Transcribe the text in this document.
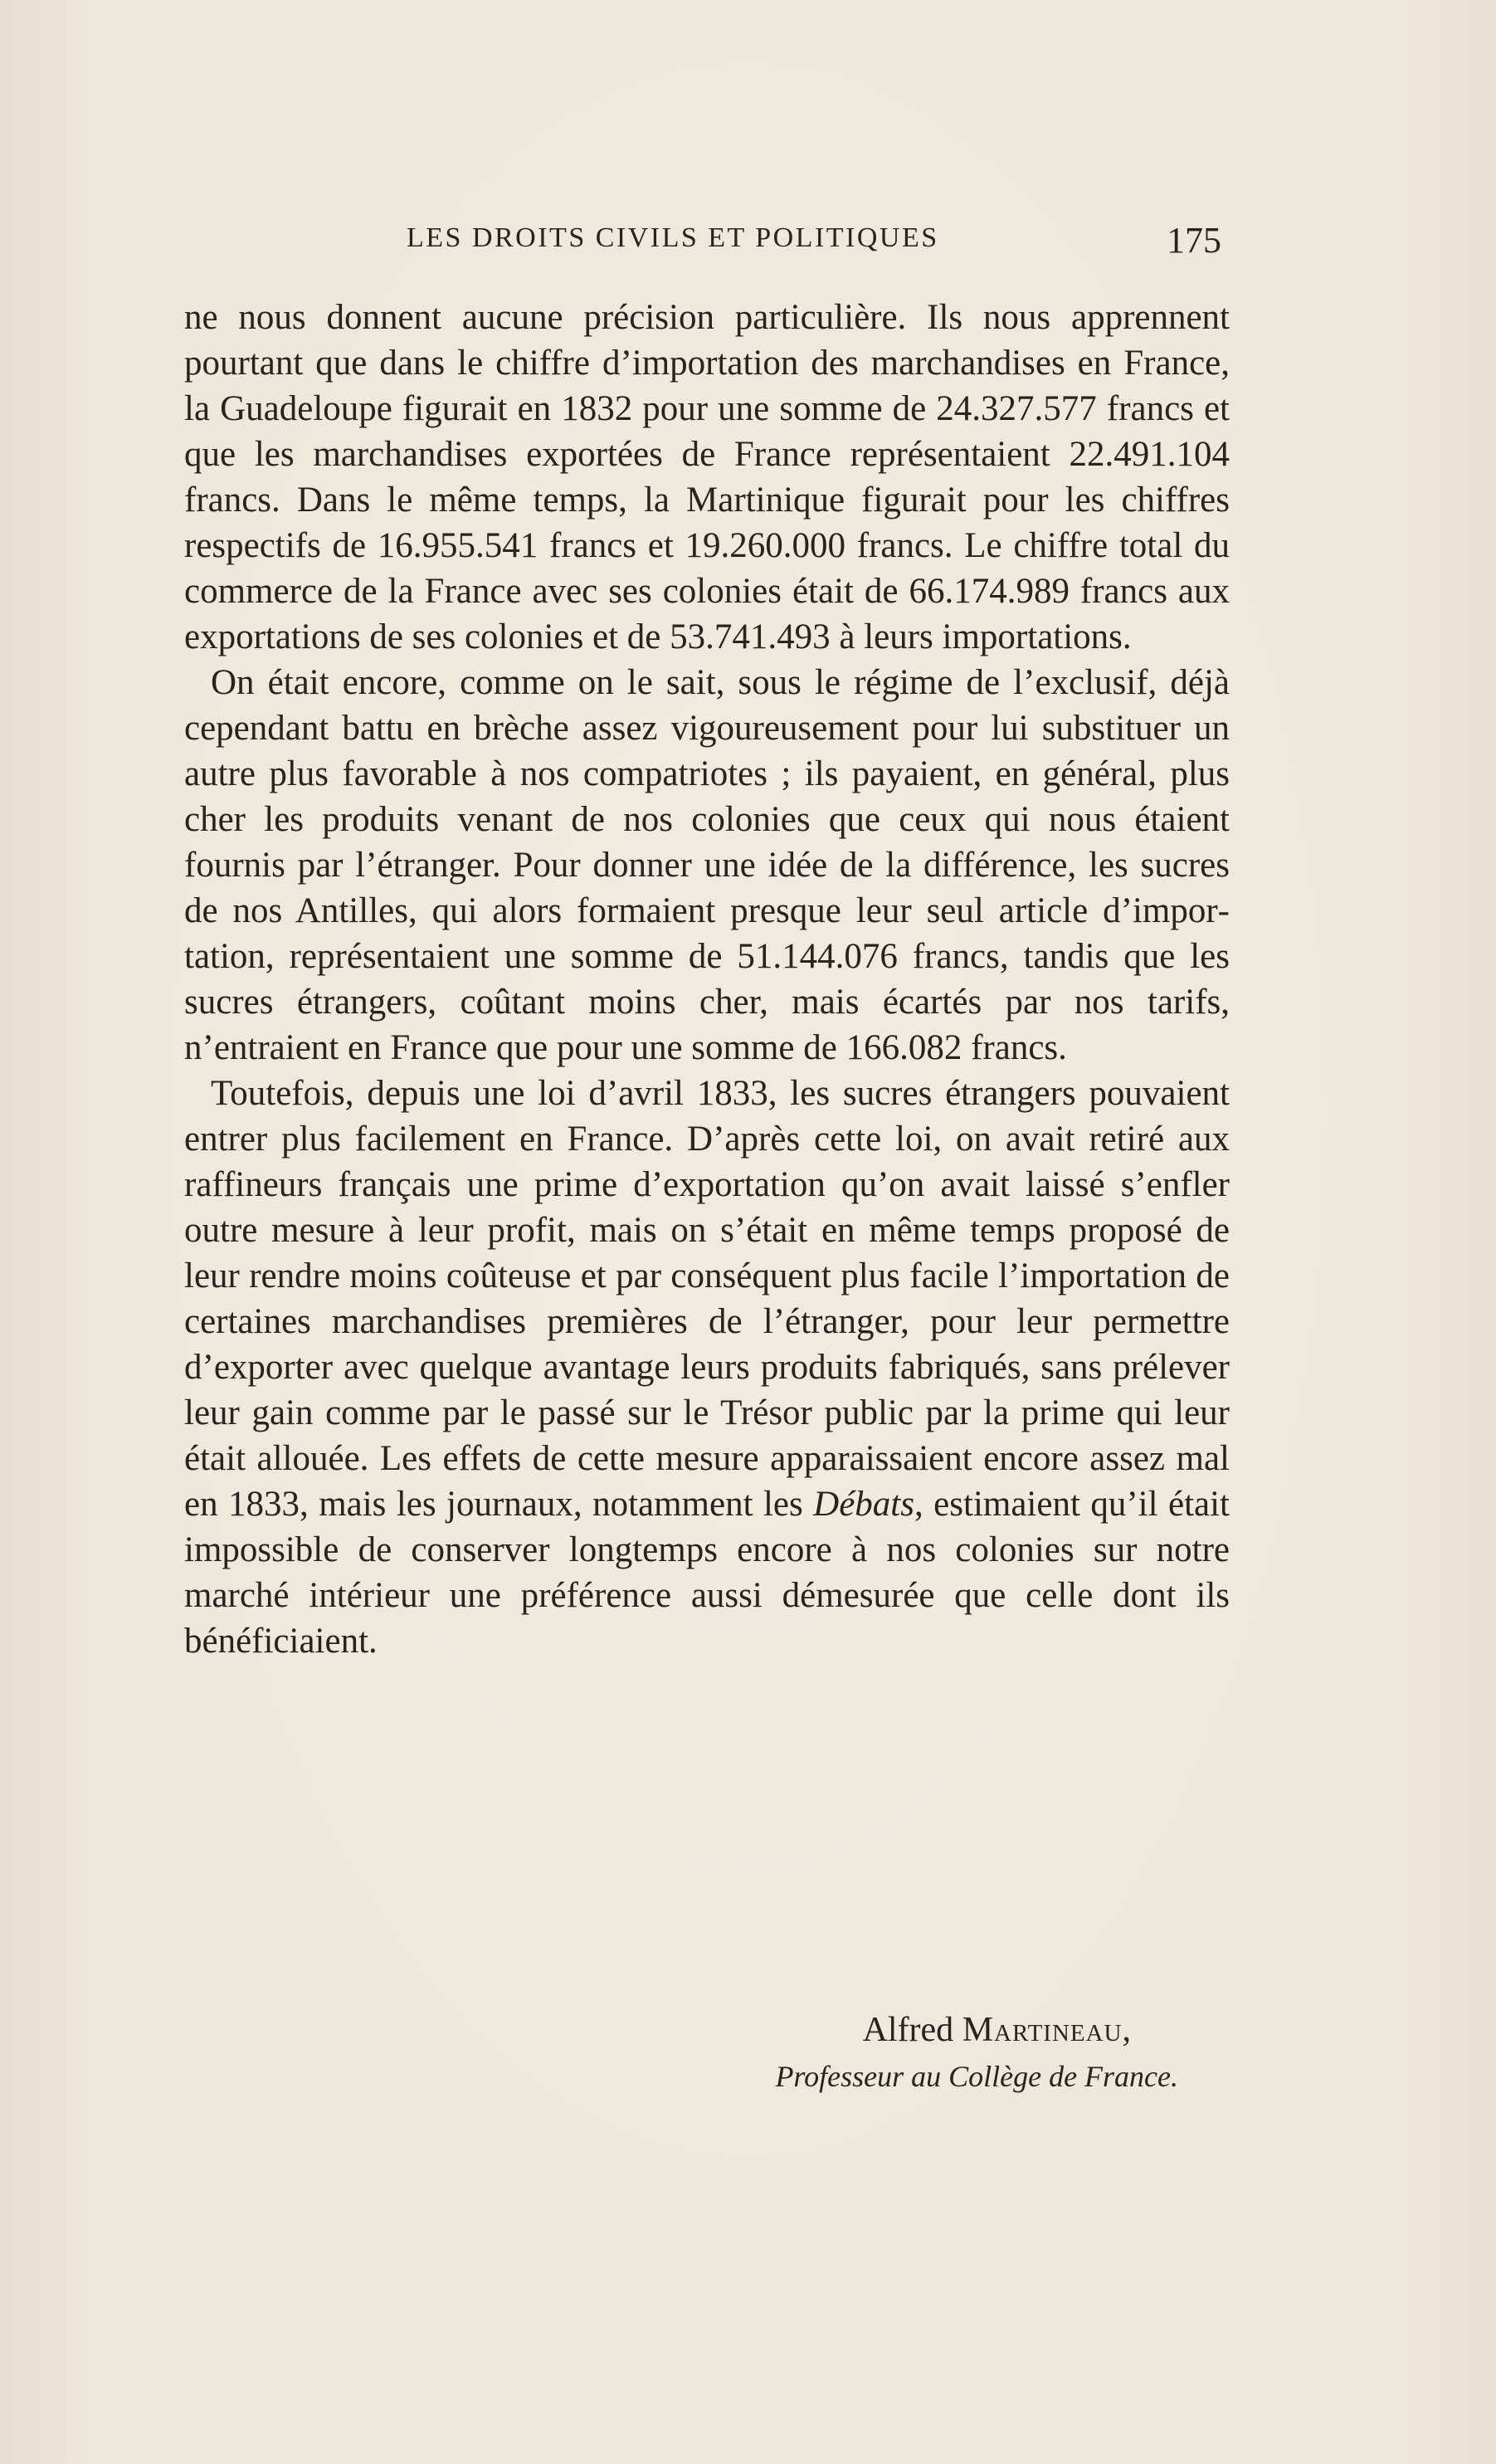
LES DROITS CIVILS ET POLITIQUES	175

ne nous donnent aucune précision particulière. Ils nous apprennent pourtant que dans le chiffre d’importation des marchandises en France, la Guadeloupe figurait en 1832 pour une somme de 24.327.577 francs et que les marchandises exportées de France représentaient 22.491.104 francs. Dans le même temps, la Martinique figurait pour les chiffres respectifs de 16.955.541 francs et 19.260.000 francs. Le chiffre total du commerce de la France avec ses colonies était de 66.174.989 francs aux exportations de ses colonies et de 53.741.493 à leurs importations.

On était encore, comme on le sait, sous le régime de l’exclusif, déjà cependant battu en brèche assez vigoureusement pour lui substituer un autre plus favorable à nos compatriotes ; ils payaient, en général, plus cher les produits venant de nos colonies que ceux qui nous étaient fournis par l’étranger. Pour donner une idée de la différence, les sucres de nos Antilles, qui alors formaient presque leur seul article d’importation, représentaient une somme de 51.144.076 francs, tandis que les sucres étrangers, coûtant moins cher, mais écartés par nos tarifs, n’entraient en France que pour une somme de 166.082 francs.

Toutefois, depuis une loi d’avril 1833, les sucres étrangers pouvaient entrer plus facilement en France. D’après cette loi, on avait retiré aux raffineurs français une prime d’exportation qu’on avait laissé s’enfler outre mesure à leur profit, mais on s’était en même temps proposé de leur rendre moins coûteuse et par conséquent plus facile l’importation de certaines marchandises premières de l’étranger, pour leur permettre d’exporter avec quelque avantage leurs produits fabriqués, sans prélever leur gain comme par le passé sur le Trésor public par la prime qui leur était allouée. Les effets de cette mesure apparaissaient encore assez mal en 1833, mais les journaux, notamment les Débats, estimaient qu’il était impossible de conserver longtemps encore à nos colonies sur notre marché intérieur une préférence aussi démesurée que celle dont ils bénéficiaient.

Alfred Martineau,
Professeur au Collège de France.
